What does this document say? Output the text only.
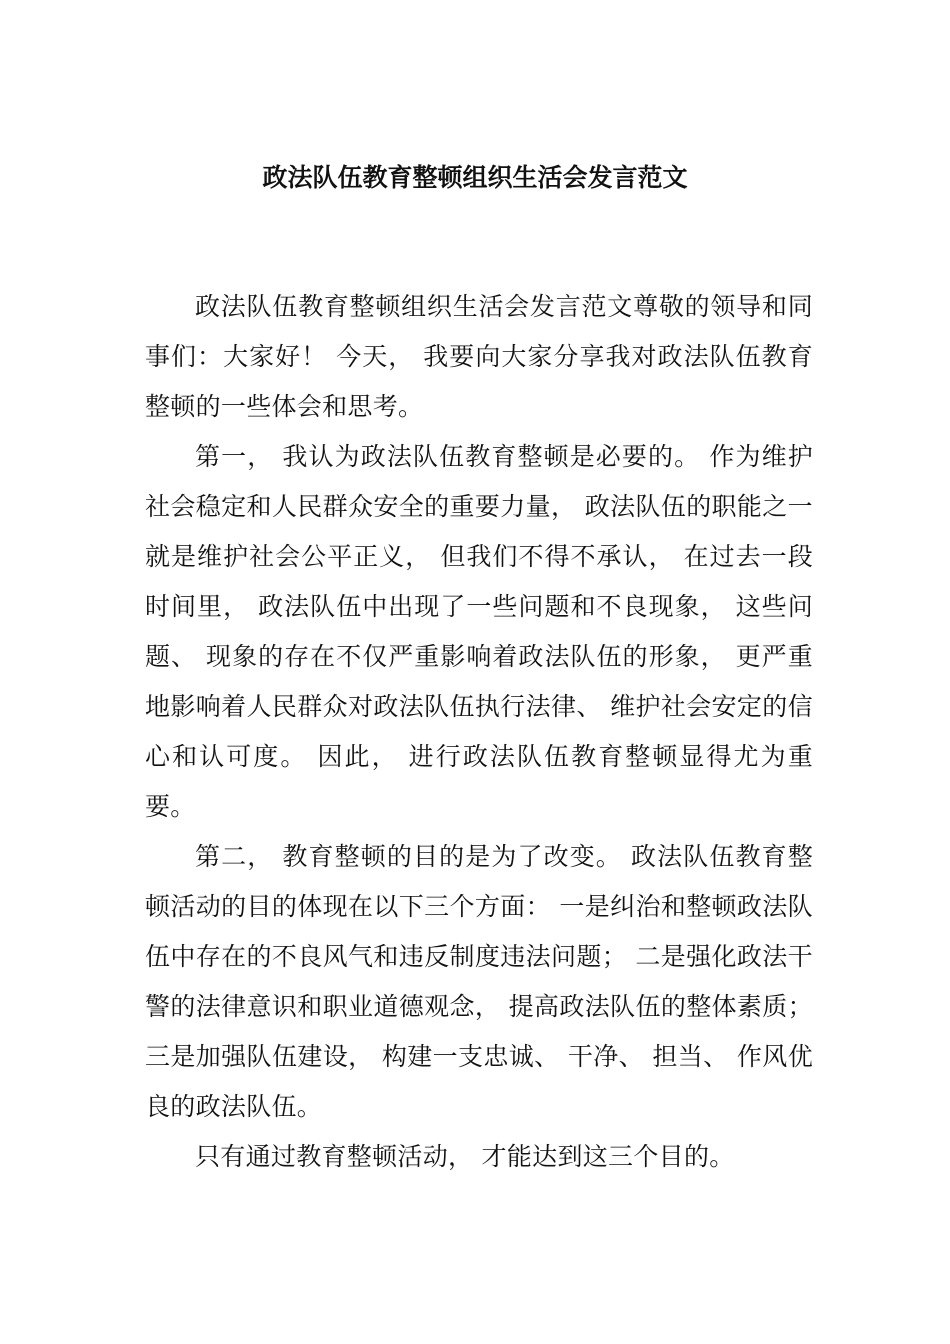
政法队伍教育整顿组织生活会发言范文

政法队伍教育整顿组织生活会发言范文尊敬的领导和同事们：大家好！ 今天， 我要向大家分享我对政法队伍教育整顿的一些体会和思考。

第一， 我认为政法队伍教育整顿是必要的。 作为维护社会稳定和人民群众安全的重要力量， 政法队伍的职能之一就是维护社会公平正义， 但我们不得不承认， 在过去一段时间里， 政法队伍中出现了一些问题和不良现象， 这些问题、 现象的存在不仅严重影响着政法队伍的形象， 更严重地影响着人民群众对政法队伍执行法律、 维护社会安定的信心和认可度。 因此， 进行政法队伍教育整顿显得尤为重要。

第二， 教育整顿的目的是为了改变。 政法队伍教育整顿活动的目的体现在以下三个方面： 一是纠治和整顿政法队伍中存在的不良风气和违反制度违法问题； 二是强化政法干警的法律意识和职业道德观念， 提高政法队伍的整体素质； 三是加强队伍建设， 构建一支忠诚、 干净、 担当、 作风优良的政法队伍。

只有通过教育整顿活动， 才能达到这三个目的。
